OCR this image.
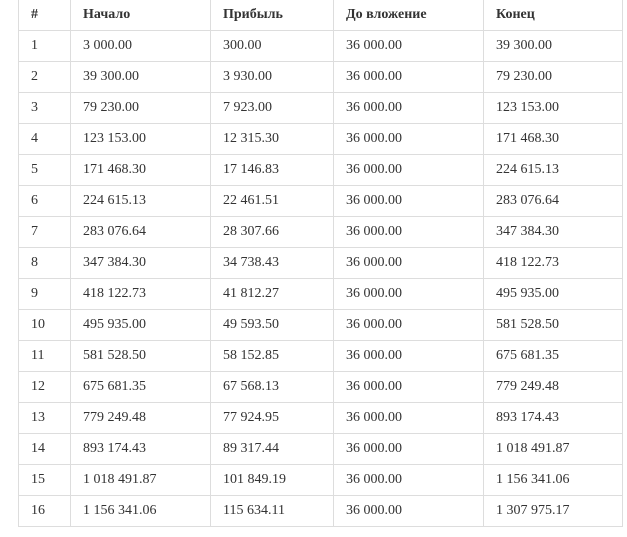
#	Начало	Прибыль	До вложение	Конец
1	3 000.00	300.00	36 000.00	39 300.00
2	39 300.00	3 930.00	36 000.00	79 230.00
3	79 230.00	7 923.00	36 000.00	123 153.00
4	123 153.00	12 315.30	36 000.00	171 468.30
5	171 468.30	17 146.83	36 000.00	224 615.13
6	224 615.13	22 461.51	36 000.00	283 076.64
7	283 076.64	28 307.66	36 000.00	347 384.30
8	347 384.30	34 738.43	36 000.00	418 122.73
9	418 122.73	41 812.27	36 000.00	495 935.00
10	495 935.00	49 593.50	36 000.00	581 528.50
11	581 528.50	58 152.85	36 000.00	675 681.35
12	675 681.35	67 568.13	36 000.00	779 249.48
13	779 249.48	77 924.95	36 000.00	893 174.43
14	893 174.43	89 317.44	36 000.00	1 018 491.87
15	1 018 491.87	101 849.19	36 000.00	1 156 341.06
16	1 156 341.06	115 634.11	36 000.00	1 307 975.17
